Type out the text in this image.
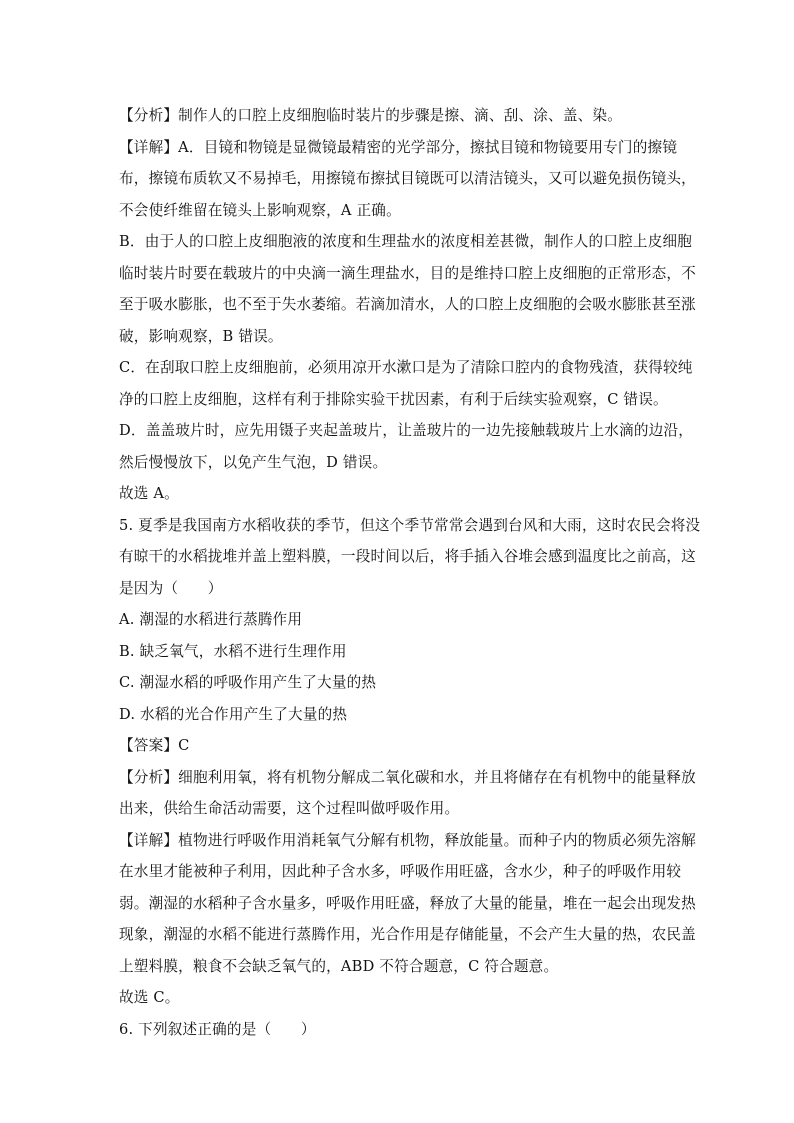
【分析】制作人的口腔上皮细胞临时装片的步骤是擦、滴、刮、涂、盖、染。
【详解】A．目镜和物镜是显微镜最精密的光学部分，擦拭目镜和物镜要用专门的擦镜
布，擦镜布质软又不易掉毛，用擦镜布擦拭目镜既可以清洁镜头，又可以避免损伤镜头，
不会使纤维留在镜头上影响观察，A 正确。
B．由于人的口腔上皮细胞液的浓度和生理盐水的浓度相差甚微，制作人的口腔上皮细胞
临时装片时要在载玻片的中央滴一滴生理盐水，目的是维持口腔上皮细胞的正常形态，不
至于吸水膨胀，也不至于失水萎缩。若滴加清水，人的口腔上皮细胞的会吸水膨胀甚至涨
破，影响观察，B 错误。
C．在刮取口腔上皮细胞前，必须用凉开水漱口是为了清除口腔内的食物残渣，获得较纯
净的口腔上皮细胞，这样有利于排除实验干扰因素，有利于后续实验观察，C 错误。
D．盖盖玻片时，应先用镊子夹起盖玻片，让盖玻片的一边先接触载玻片上水滴的边沿，
然后慢慢放下，以免产生气泡，D 错误。
故选 A。
5. 夏季是我国南方水稻收获的季节，但这个季节常常会遇到台风和大雨，这时农民会将没
有晾干的水稻拢堆并盖上塑料膜，一段时间以后，将手插入谷堆会感到温度比之前高，这
是因为（　　）
A. 潮湿的水稻进行蒸腾作用
B. 缺乏氧气，水稻不进行生理作用
C. 潮湿水稻的呼吸作用产生了大量的热
D. 水稻的光合作用产生了大量的热
【答案】C
【分析】细胞利用氧，将有机物分解成二氧化碳和水，并且将储存在有机物中的能量释放
出来，供给生命活动需要，这个过程叫做呼吸作用。
【详解】植物进行呼吸作用消耗氧气分解有机物，释放能量。而种子内的物质必须先溶解
在水里才能被种子利用，因此种子含水多，呼吸作用旺盛，含水少，种子的呼吸作用较
弱。潮湿的水稻种子含水量多，呼吸作用旺盛，释放了大量的能量，堆在一起会出现发热
现象，潮湿的水稻不能进行蒸腾作用，光合作用是存储能量，不会产生大量的热，农民盖
上塑料膜，粮食不会缺乏氧气的，ABD 不符合题意，C 符合题意。
故选 C。
6. 下列叙述正确的是（　　）
